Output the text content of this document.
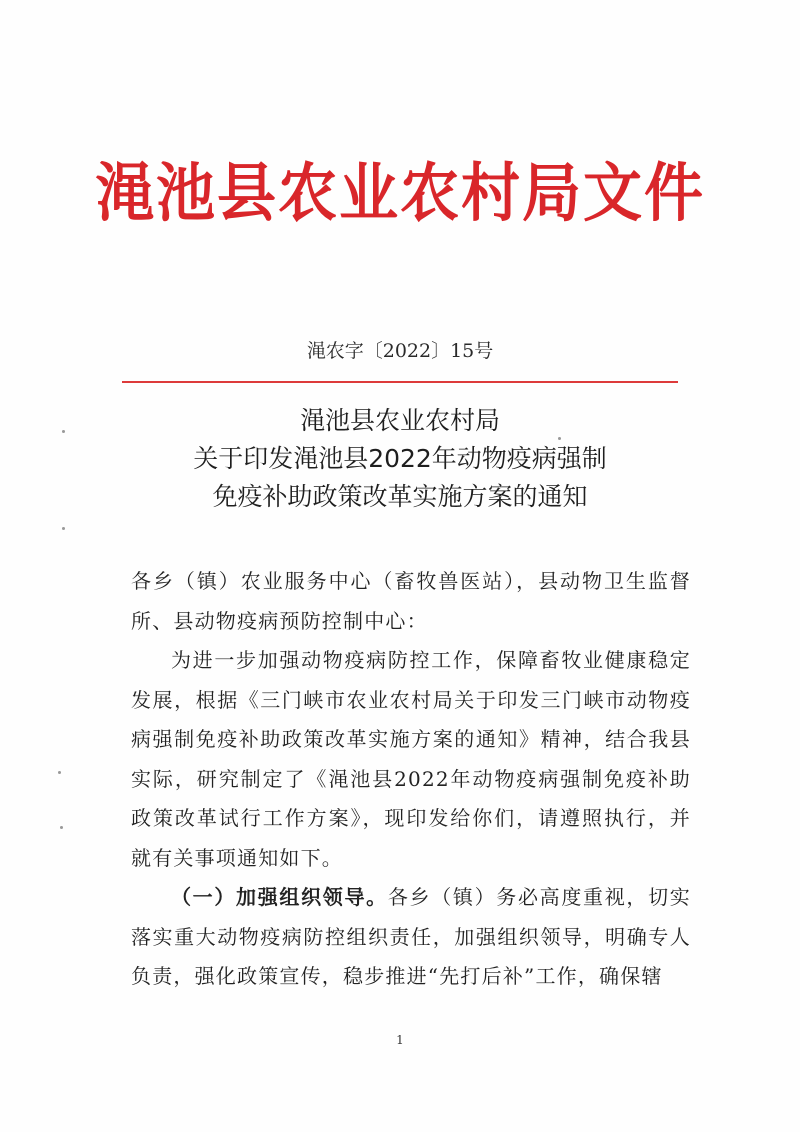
渑池县农业农村局文件
渑农字〔2022〕15号
渑池县农业农村局
关于印发渑池县2022年动物疫病强制
免疫补助政策改革实施方案的通知

各乡（镇）农业服务中心（畜牧兽医站），县动物卫生监督所、县动物疫病预防控制中心：

为进一步加强动物疫病防控工作，保障畜牧业健康稳定发展，根据《三门峡市农业农村局关于印发三门峡市动物疫病强制免疫补助政策改革实施方案的通知》精神，结合我县实际，研究制定了《渑池县2022年动物疫病强制免疫补助政策改革试行工作方案》，现印发给你们，请遵照执行，并就有关事项通知如下。

（一）加强组织领导。各乡（镇）务必高度重视，切实落实重大动物疫病防控组织责任，加强组织领导，明确专人负责，强化政策宣传，稳步推进“先打后补”工作，确保辖

1
